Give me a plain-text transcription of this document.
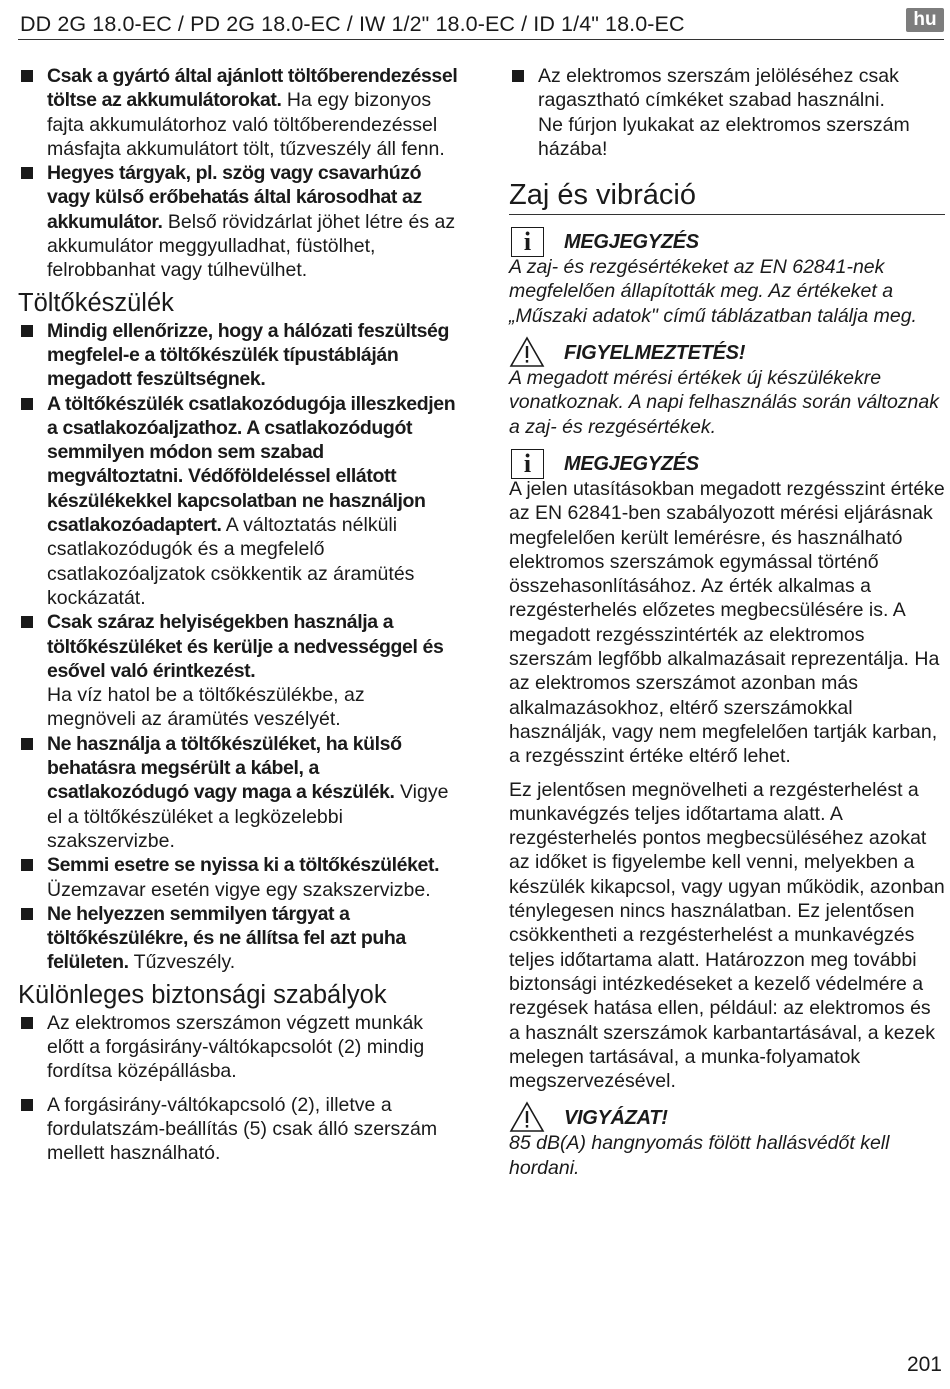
DD 2G 18.0-EC / PD 2G 18.0-EC / IW 1/2" 18.0-EC / ID 1/4" 18.0-EC	hu
Csak a gyártó által ajánlott töltőberendezéssel töltse az akkumulátorokat. Ha egy bizonyos fajta akkumulátorhoz való töltőberendezéssel másfajta akkumulátort tölt, tűzveszély áll fenn.
Hegyes tárgyak, pl. szög vagy csavarhúzó vagy külső erőbehatás által károsodhat az akkumulátor. Belső rövidzárlat jöhet létre és az akkumulátor meggyulladhat, füstölhet, felrobbanhat vagy túlhevülhet.
Töltőkészülék
Mindig ellenőrizze, hogy a hálózati feszültség megfelel-e a töltőkészülék típustábláján megadott feszültségnek.
A töltőkészülék csatlakozódugója illeszkedjen a csatlakozóaljzathoz. A csatlakozódugót semmilyen módon sem szabad megváltoztatni. Védőföldeléssel ellátott készülékekkel kapcsolatban ne használjon csatlakozóadaptert. A változtatás nélküli csatlakozódugók és a megfelelő csatlakozóaljzatok csökkentik az áramütés kockázatát.
Csak száraz helyiségekben használja a töltőkészüléket és kerülje a nedvességgel és esővel való érintkezést.
Ha víz hatol be a töltőkészülékbe, az megnöveli az áramütés veszélyét.
Ne használja a töltőkészüléket, ha külső behatásra megsérült a kábel, a csatlakozódugó vagy maga a készülék. Vigye el a töltőkészüléket a legközelebbi szakszervizbe.
Semmi esetre se nyissa ki a töltőkészüléket. Üzemzavar esetén vigye egy szakszervizbe.
Ne helyezzen semmilyen tárgyat a töltőkészülékre, és ne állítsa fel azt puha felületen. Tűzveszély.
Különleges biztonsági szabályok
Az elektromos szerszámon végzett munkák előtt a forgásirány-váltókapcsolót (2) mindig fordítsa középállásba.
A forgásirány-váltókapcsoló (2), illetve a fordulatszám-beállítás (5) csak álló szerszám mellett használható.
Az elektromos szerszám jelöléséhez csak ragasztható címkéket szabad használni.
Ne fúrjon lyukakat az elektromos szerszám házába!
Zaj és vibráció
i	MEGJEGYZÉS
A zaj- és rezgésértékeket az EN 62841-nek megfelelően állapították meg. Az értékeket a „Műszaki adatok" című táblázatban találja meg.
FIGYELMEZTETÉS!
A megadott mérési értékek új készülékekre vonatkoznak. A napi felhasználás során változnak a zaj- és rezgésértékek.
i	MEGJEGYZÉS
A jelen utasításokban megadott rezgésszint értéke az EN 62841-ben szabályozott mérési eljárásnak megfelelően került lemérésre, és használható elektromos szerszámok egymással történő összehasonlításához. Az érték alkalmas a rezgésterhelés előzetes megbecsülésére is. A megadott rezgésszintérték az elektromos szerszám legfőbb alkalmazásait reprezentálja. Ha az elektromos szerszámot azonban más alkalmazásokhoz, eltérő szerszámokkal használják, vagy nem megfelelően tartják karban, a rezgésszint értéke eltérő lehet.
Ez jelentősen megnövelheti a rezgésterhelést a munkavégzés teljes időtartama alatt. A rezgésterhelés pontos megbecsüléséhez azokat az időket is figyelembe kell venni, melyekben a készülék kikapcsol, vagy ugyan működik, azonban ténylegesen nincs használatban. Ez jelentősen csökkentheti a rezgésterhelést a munkavégzés teljes időtartama alatt. Határozzon meg további biztonsági intézkedéseket a kezelő védelmére a rezgések hatása ellen, például: az elektromos és a használt szerszámok karbantartásával, a kezek melegen tartásával, a munka-folyamatok megszervezésével.
VIGYÁZAT!
85 dB(A) hangnyomás fölött hallásvédőt kell hordani.
201
